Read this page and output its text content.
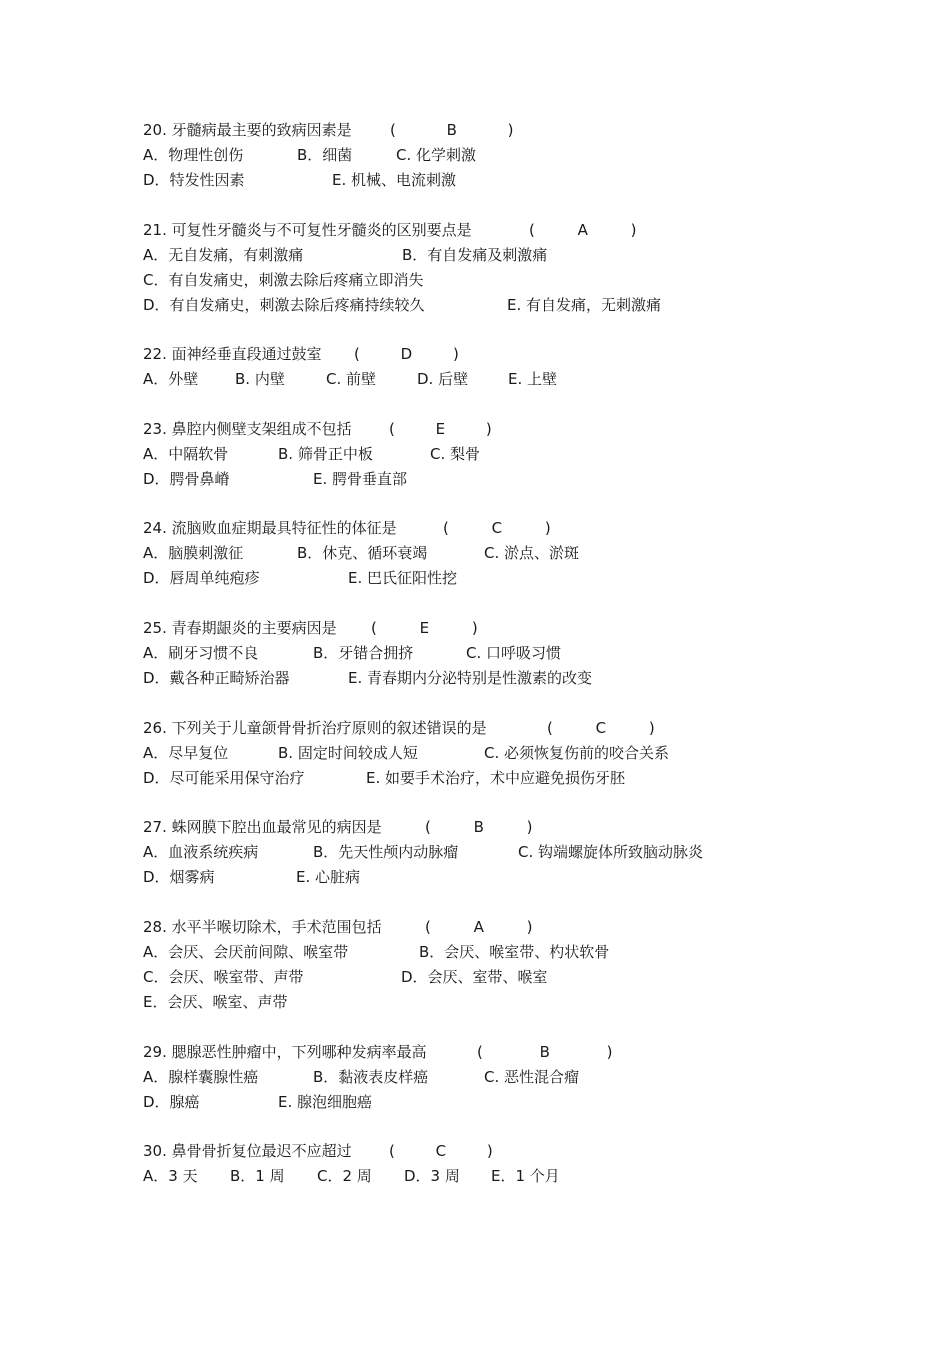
20. 牙髓病最主要的致病因素是	( B )
A．物理性创伤	B．细菌	C. 化学刺激
D．特发性因素	E. 机械、电流刺激
21. 可复性牙髓炎与不可复性牙髓炎的区别要点是	( A )
A．无自发痛，有刺激痛	B．有自发痛及刺激痛
C．有自发痛史，刺激去除后疼痛立即消失
D．有自发痛史，刺激去除后疼痛持续较久	E. 有自发痛，无刺激痛
22. 面神经垂直段通过鼓室 ( D )
A．外壁 B. 内壁	C. 前壁	D. 后壁	E. 上壁
23. 鼻腔内侧壁支架组成不包括 ( E )
A．中隔软骨	B. 筛骨正中板	C. 梨骨
D．腭骨鼻嵴	E. 腭骨垂直部
24. 流脑败血症期最具特征性的体征是	( C )
A．脑膜刺激征	B．休克、循环衰竭	C. 淤点、淤斑
D．唇周单纯疱疹	E. 巴氏征阳性挖
25. 青春期龈炎的主要病因是 ( E )
A．刷牙习惯不良	B．牙错合拥挤	C. 口呼吸习惯
D．戴各种正畸矫治器	E. 青春期内分泌特别是性激素的改变
26. 下列关于儿童颌骨骨折治疗原则的叙述错误的是	( C )
A．尽早复位	B. 固定时间较成人短	C. 必须恢复伤前的咬合关系
D．尽可能采用保守治疗	E. 如要手术治疗，术中应避免损伤牙胚
27. 蛛网膜下腔出血最常见的病因是	( B )
A．血液系统疾病	B．先天性颅内动脉瘤	C. 钩端螺旋体所致脑动脉炎
D．烟雾病	E. 心脏病
28. 水平半喉切除术，手术范围包括	( A )
A．会厌、会厌前间隙、喉室带	B．会厌、喉室带、杓状软骨
C．会厌、喉室带、声带	D．会厌、室带、喉室
E．会厌、喉室、声带
29. 腮腺恶性肿瘤中，下列哪种发病率最高	( B )
A．腺样囊腺性癌	B．黏液表皮样癌	C. 恶性混合瘤
D．腺癌	E. 腺泡细胞癌
30. 鼻骨骨折复位最迟不应超过 ( C )
A．3 天 B．1 周 C．2 周 D．3 周 E．1 个月
